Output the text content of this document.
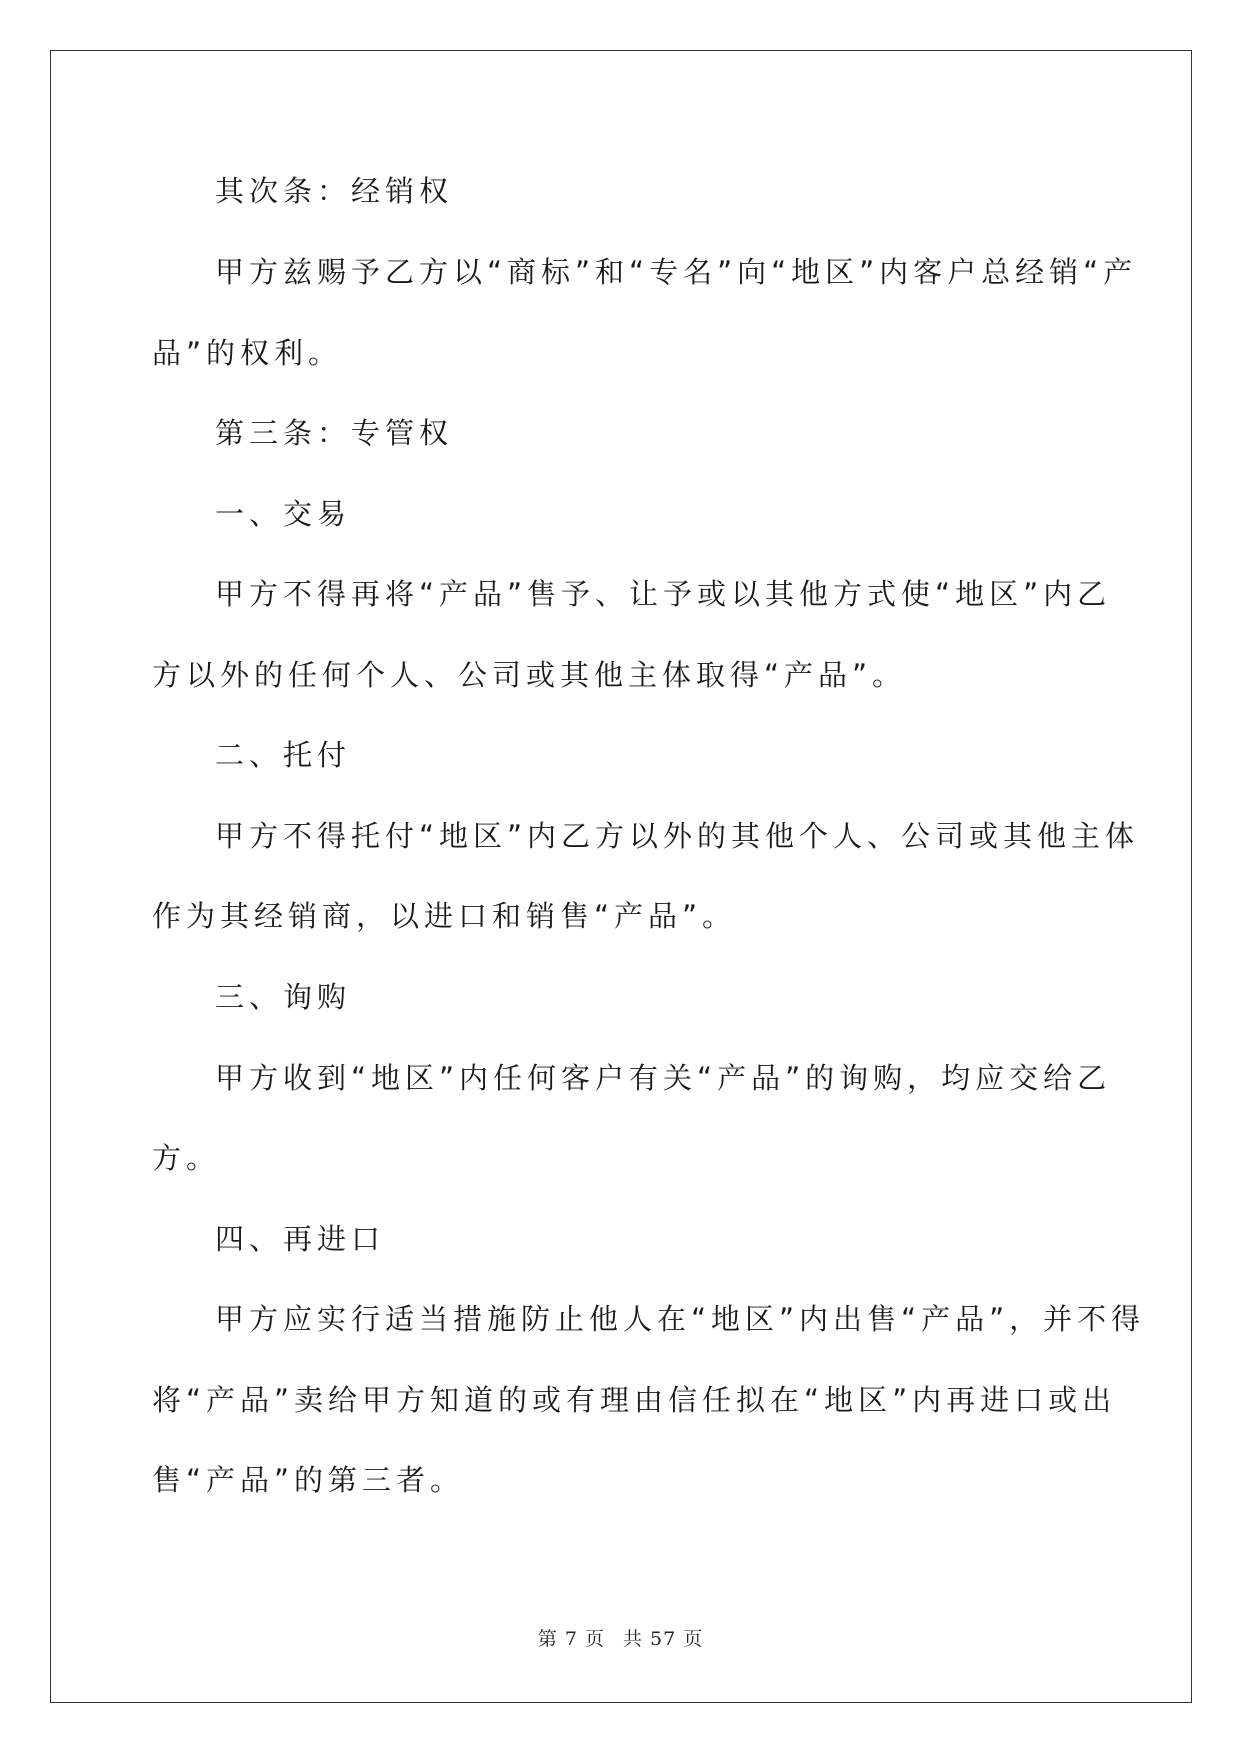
其次条：经销权
甲方兹赐予乙方以“商标”和“专名”向“地区”内客户总经销“产
品”的权利。
第三条：专管权
一、交易
甲方不得再将“产品”售予、让予或以其他方式使“地区”内乙
方以外的任何个人、公司或其他主体取得“产品”。
二、托付
甲方不得托付“地区”内乙方以外的其他个人、公司或其他主体
作为其经销商，以进口和销售“产品”。
三、询购
甲方收到“地区”内任何客户有关“产品”的询购，均应交给乙
方。
四、再进口
甲方应实行适当措施防止他人在“地区”内出售“产品”，并不得
将“产品”卖给甲方知道的或有理由信任拟在“地区”内再进口或出
售“产品”的第三者。
第 7 页 共 57 页
